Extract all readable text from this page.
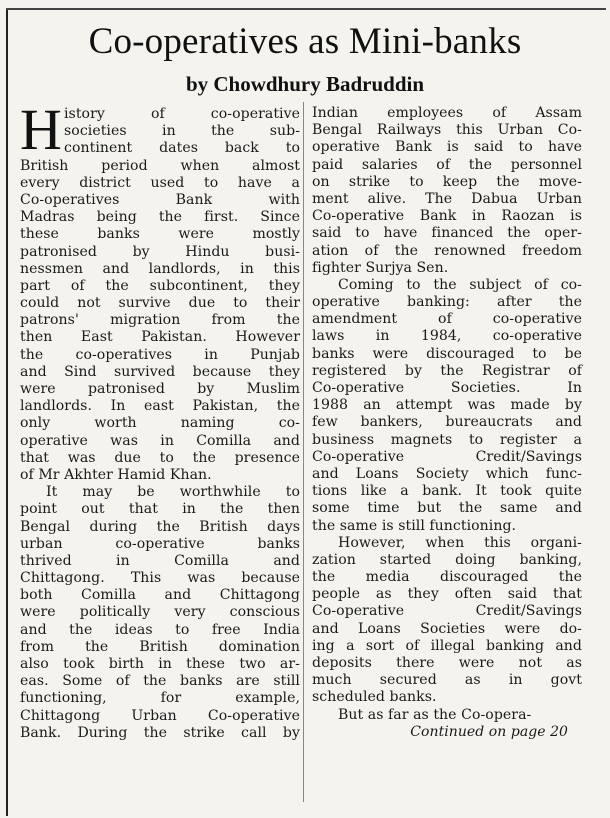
Co-operatives as Mini-banks
by Chowdhury Badruddin
H istory of co-operative
societies in the sub-
continent dates back to
British period when almost
every district used to have a
Co-operatives Bank with
Madras being the first. Since
these banks were mostly
patronised by Hindu busi-
nessmen and landlords, in this
part of the subcontinent, they
could not survive due to their
patrons' migration from the
then East Pakistan. However
the co-operatives in Punjab
and Sind survived because they
were patronised by Muslim
landlords. In east Pakistan, the
only worth naming co-
operative was in Comilla and
that was due to the presence
of Mr Akhter Hamid Khan.
It may be worthwhile to
point out that in the then
Bengal during the British days
urban co-operative banks
thrived in Comilla and
Chittagong. This was because
both Comilla and Chittagong
were politically very conscious
and the ideas to free India
from the British domination
also took birth in these two ar-
eas. Some of the banks are still
functioning, for example,
Chittagong Urban Co-operative
Bank. During the strike call by
Indian employees of Assam
Bengal Railways this Urban Co-
operative Bank is said to have
paid salaries of the personnel
on strike to keep the move-
ment alive. The Dabua Urban
Co-operative Bank in Raozan is
said to have financed the oper-
ation of the renowned freedom
fighter Surjya Sen.
Coming to the subject of co-
operative banking: after the
amendment of co-operative
laws in 1984, co-operative
banks were discouraged to be
registered by the Registrar of
Co-operative Societies. In
1988 an attempt was made by
few bankers, bureaucrats and
business magnets to register a
Co-operative Credit/Savings
and Loans Society which func-
tions like a bank. It took quite
some time but the same and
the same is still functioning.
However, when this organi-
zation started doing banking,
the media discouraged the
people as they often said that
Co-operative Credit/Savings
and Loans Societies were do-
ing a sort of illegal banking and
deposits there were not as
much secured as in govt
scheduled banks.
But as far as the Co-opera-
Continued on page 20
